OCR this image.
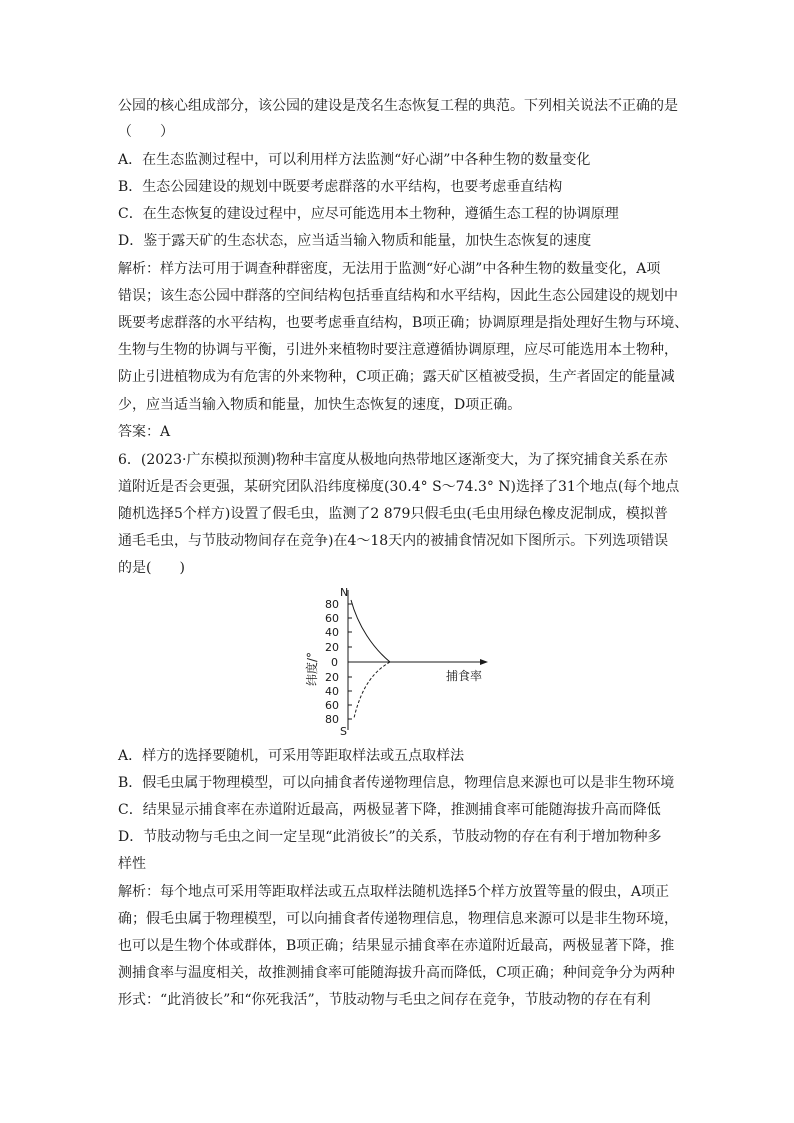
公园的核心组成部分，该公园的建设是茂名生态恢复工程的典范。下列相关说法不正确的是
（　　）
A．在生态监测过程中，可以利用样方法监测“好心湖”中各种生物的数量变化
B．生态公园建设的规划中既要考虑群落的水平结构，也要考虑垂直结构
C．在生态恢复的建设过程中，应尽可能选用本土物种，遵循生态工程的协调原理
D．鉴于露天矿的生态状态，应当适当输入物质和能量，加快生态恢复的速度
解析：样方法可用于调查种群密度，无法用于监测“好心湖”中各种生物的数量变化，A项
错误；该生态公园中群落的空间结构包括垂直结构和水平结构，因此生态公园建设的规划中
既要考虑群落的水平结构，也要考虑垂直结构，B项正确；协调原理是指处理好生物与环境、
生物与生物的协调与平衡，引进外来植物时要注意遵循协调原理，应尽可能选用本土物种，
防止引进植物成为有危害的外来物种，C项正确；露天矿区植被受损，生产者固定的能量减
少，应当适当输入物质和能量，加快生态恢复的速度，D项正确。
答案：A
6．(2023·广东模拟预测)物种丰富度从极地向热带地区逐渐变大，为了探究捕食关系在赤
道附近是否会更强，某研究团队沿纬度梯度(30.4° S～74.3° N)选择了31个地点(每个地点
随机选择5个样方)设置了假毛虫，监测了2 879只假毛虫(毛虫用绿色橡皮泥制成，模拟普
通毛毛虫，与节肢动物间存在竞争)在4～18天内的被捕食情况如下图所示。下列选项错误
的是(　　)
A．样方的选择要随机，可采用等距取样法或五点取样法
B．假毛虫属于物理模型，可以向捕食者传递物理信息，物理信息来源也可以是非生物环境
C．结果显示捕食率在赤道附近最高，两极显著下降，推测捕食率可能随海拔升高而降低
D．节肢动物与毛虫之间一定呈现“此消彼长”的关系，节肢动物的存在有利于增加物种多
样性
解析：每个地点可采用等距取样法或五点取样法随机选择5个样方放置等量的假虫，A项正
确；假毛虫属于物理模型，可以向捕食者传递物理信息，物理信息来源可以是非生物环境，
也可以是生物个体或群体，B项正确；结果显示捕食率在赤道附近最高，两极显著下降，推
测捕食率与温度相关，故推测捕食率可能随海拔升高而降低，C项正确；种间竞争分为两种
形式：“此消彼长”和“你死我活”，节肢动物与毛虫之间存在竞争，节肢动物的存在有利
N
80
60
40
20
0
20
40
60
80
S
纬度/°	捕食率
